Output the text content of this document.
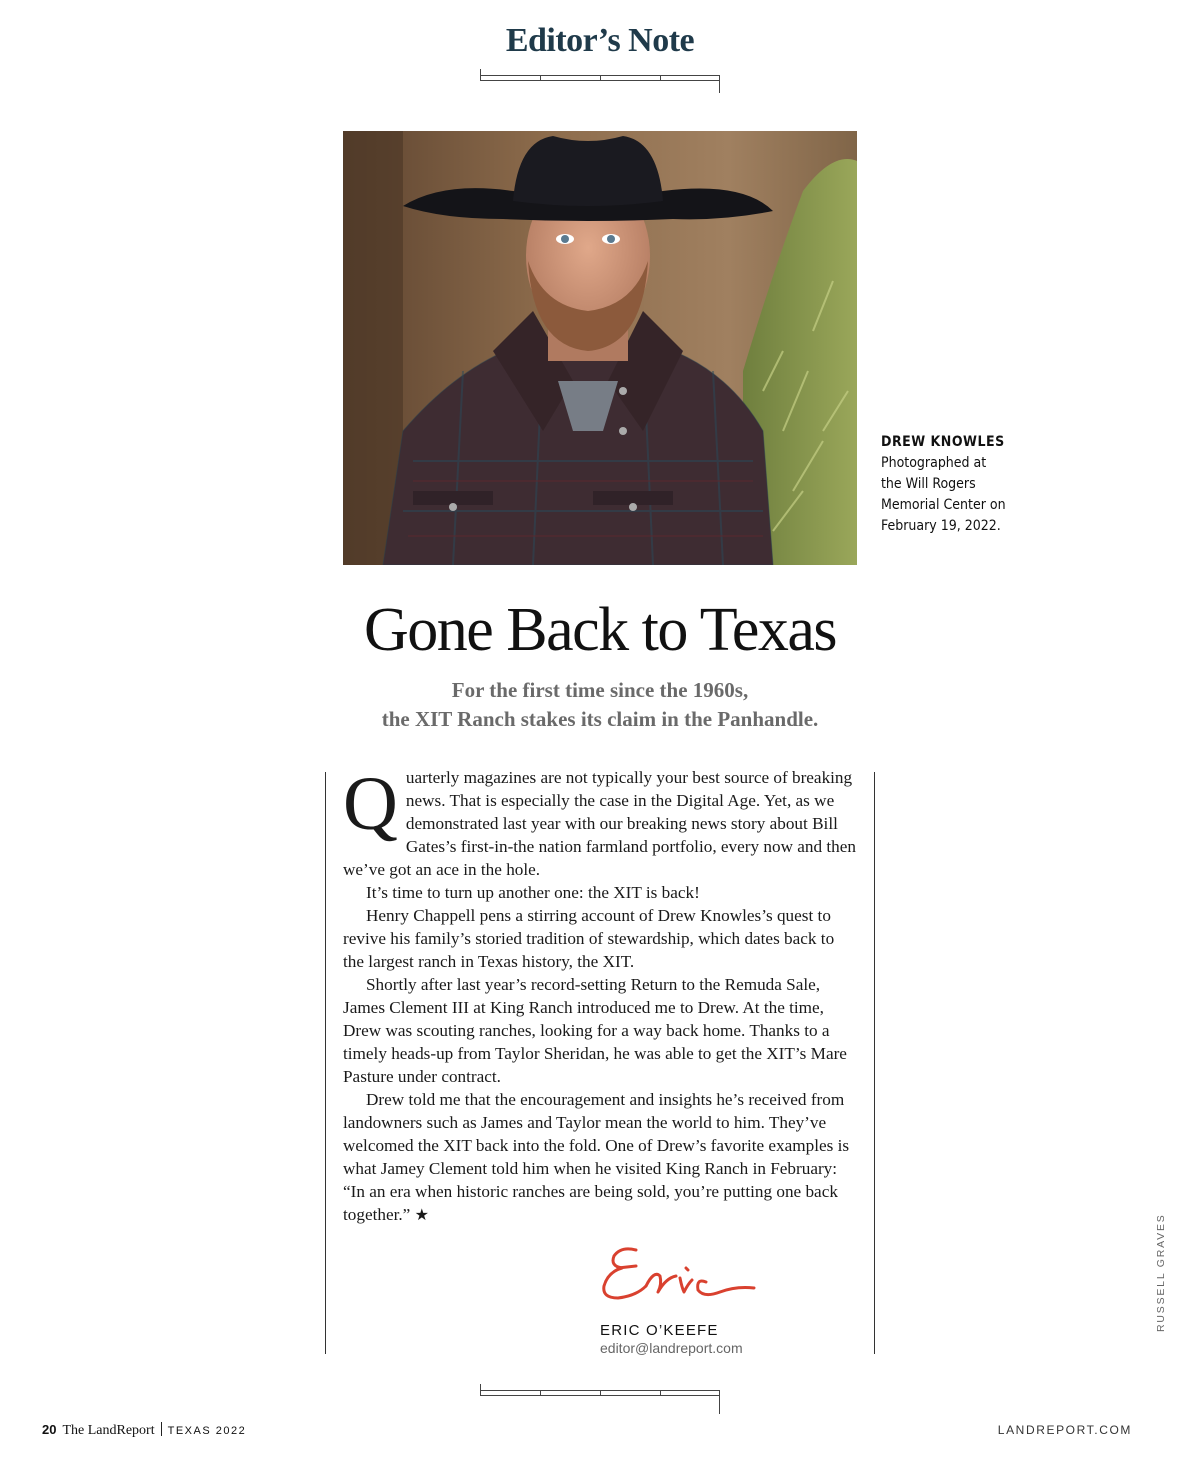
Editor’s Note
DREW KNOWLES
Photographed at
the Will Rogers
Memorial Center on
February 19, 2022.
Gone Back to Texas
For the first time since the 1960s,
the XIT Ranch stakes its claim in the Panhandle.

Quarterly magazines are not typically your best source of breaking news. That is especially the case in the Digital Age. Yet, as we demonstrated last year with our breaking news story about Bill Gates’s first-in-the nation farmland portfolio, every now and then we’ve got an ace in the hole.

It’s time to turn up another one: the XIT is back!

Henry Chappell pens a stirring account of Drew Knowles’s quest to revive his family’s storied tradition of stewardship, which dates back to the largest ranch in Texas history, the XIT.

Shortly after last year’s record-setting Return to the Remuda Sale, James Clement III at King Ranch introduced me to Drew. At the time, Drew was scouting ranches, looking for a way back home. Thanks to a timely heads-up from Taylor Sheridan, he was able to get the XIT’s Mare Pasture under contract.

Drew told me that the encouragement and insights he’s received from landowners such as James and Taylor mean the world to him. They’ve welcomed the XIT back into the fold. One of Drew’s favorite examples is what Jamey Clement told him when he visited King Ranch in February: “In an era when historic ranches are being sold, you’re putting one back together.” ★

ERIC O’KEEFE
editor@landreport.com
RUSSELL GRAVES
20 The LandReport TEXAS 2022	LANDREPORT.COM
